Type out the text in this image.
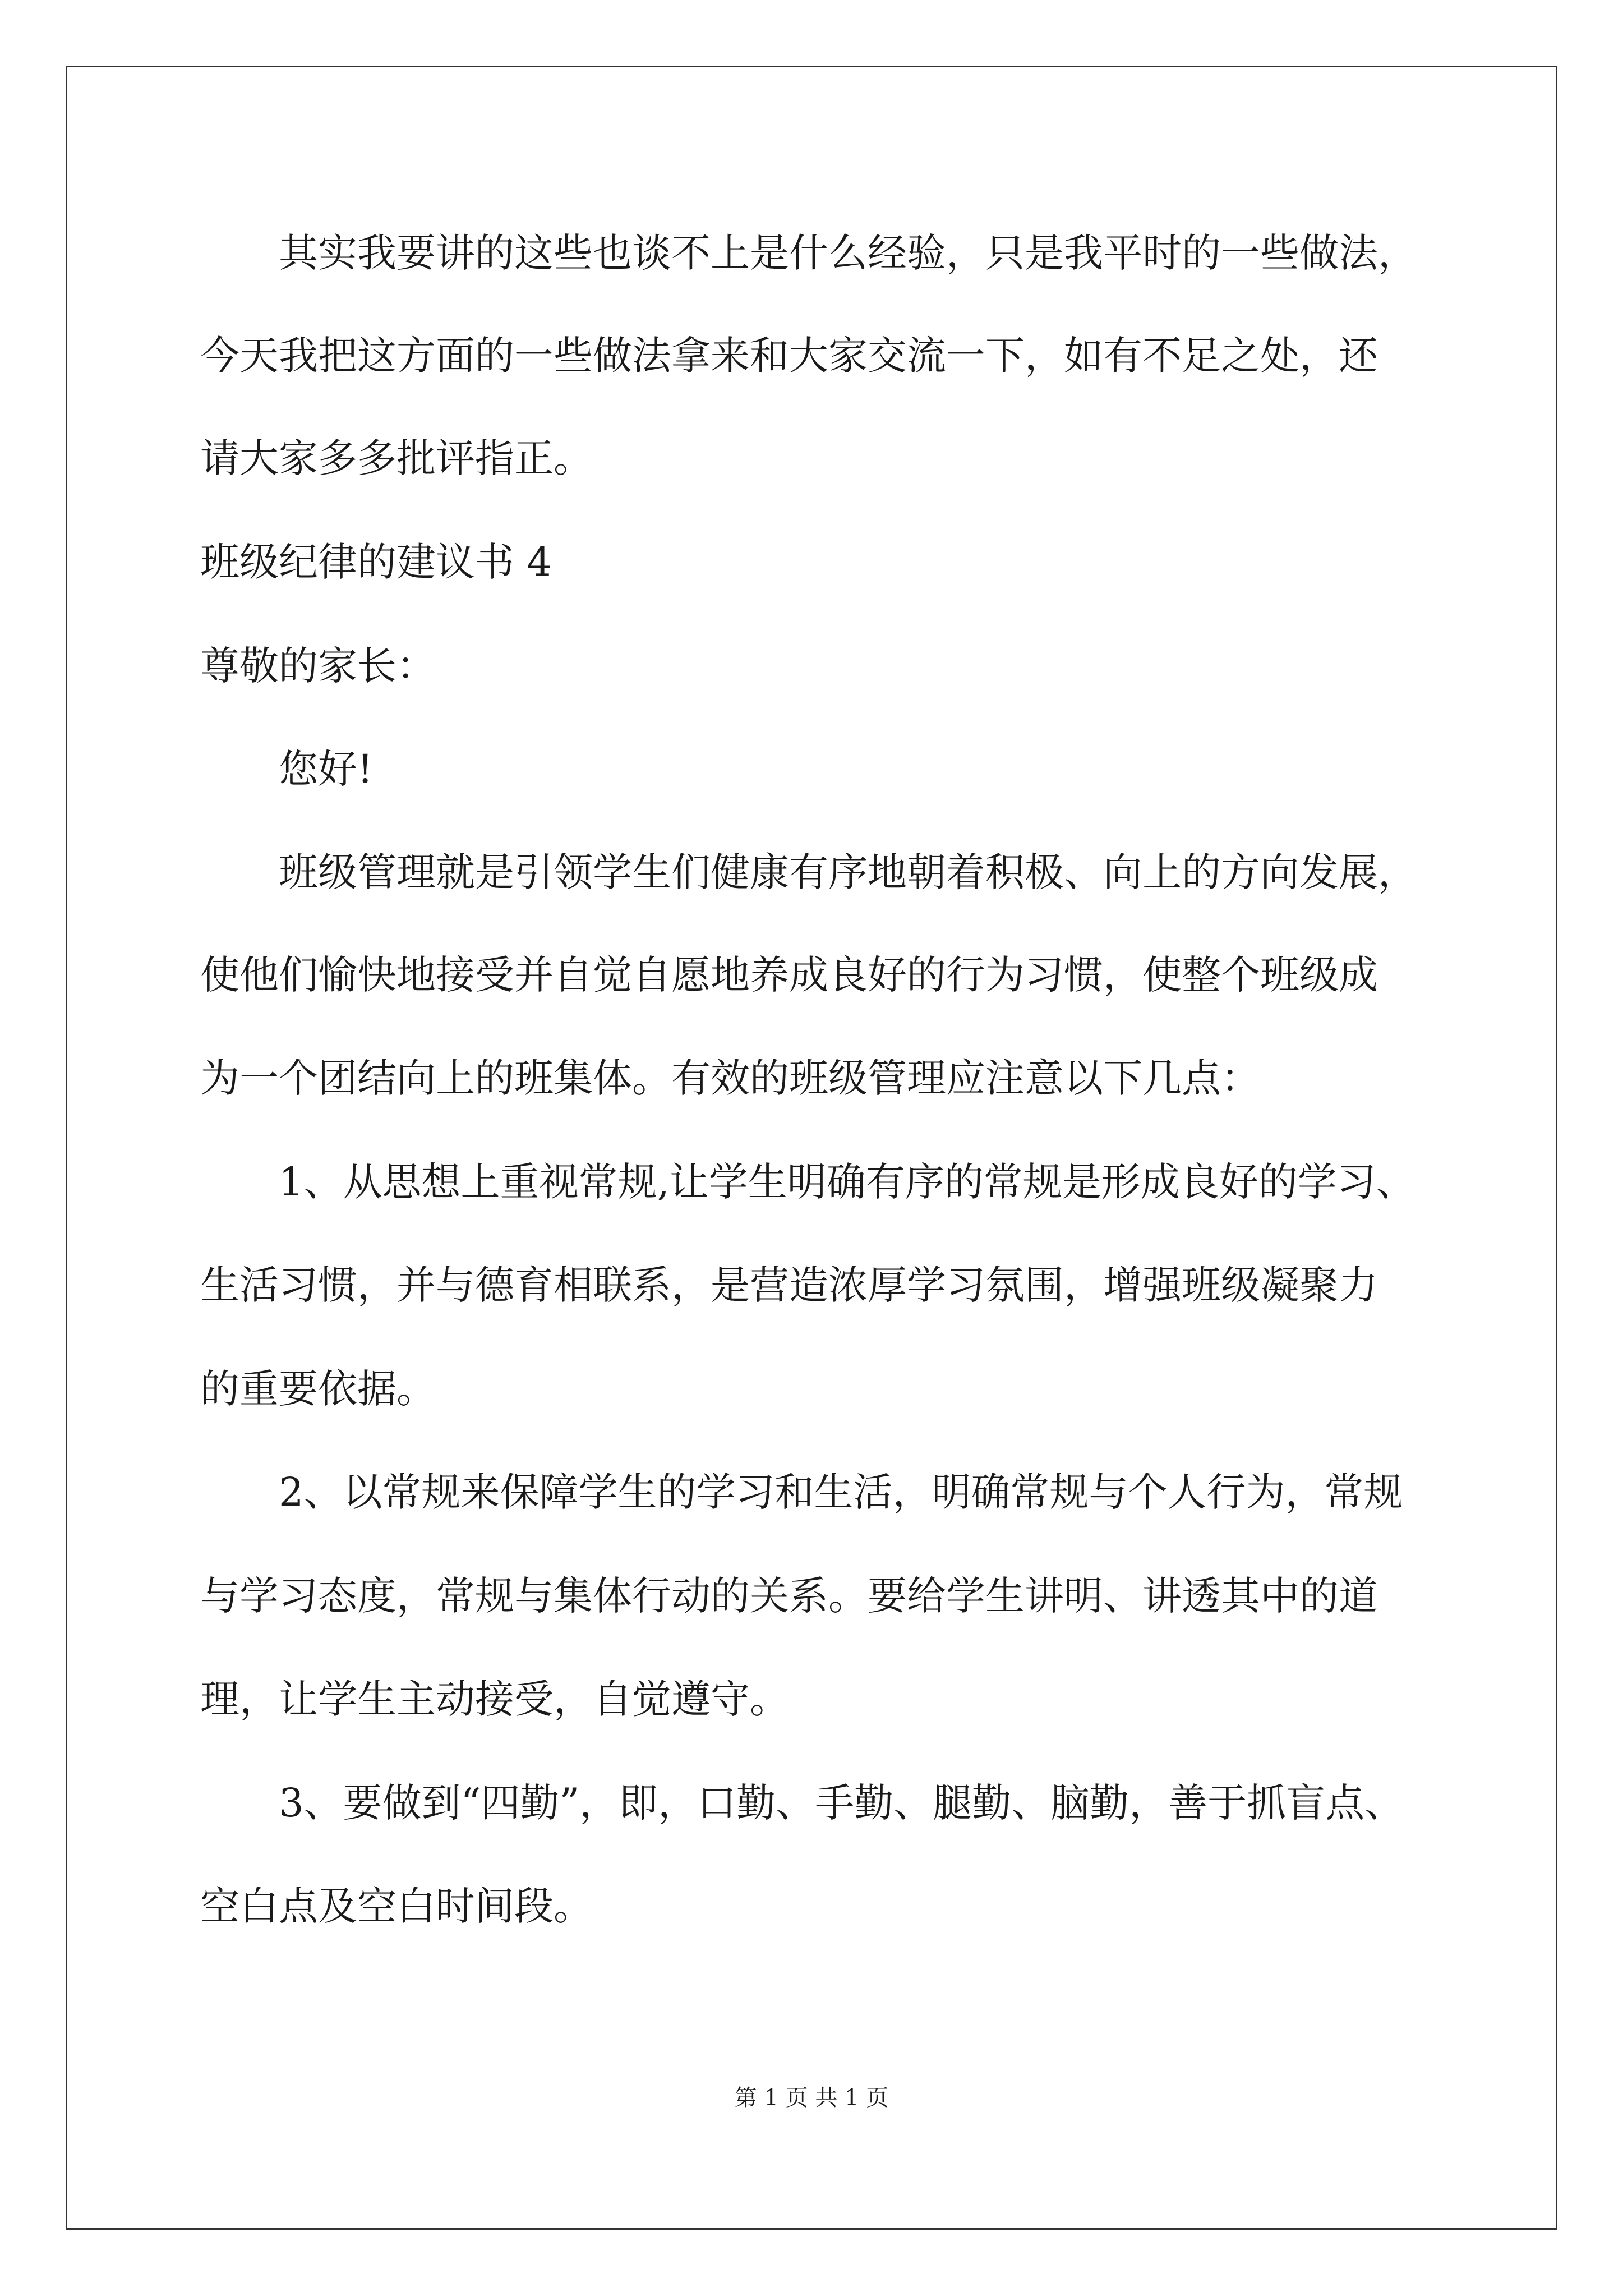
其实我要讲的这些也谈不上是什么经验，只是我平时的一些做法，
今天我把这方面的一些做法拿来和大家交流一下，如有不足之处，还
请大家多多批评指正。
班级纪律的建议书 4
尊敬的家长：
您好!
班级管理就是引领学生们健康有序地朝着积极、向上的方向发展，
使他们愉快地接受并自觉自愿地养成良好的行为习惯，使整个班级成
为一个团结向上的班集体。有效的班级管理应注意以下几点：
1、从思想上重视常规,让学生明确有序的常规是形成良好的学习、
生活习惯，并与德育相联系，是营造浓厚学习氛围，增强班级凝聚力
的重要依据。
2、以常规来保障学生的学习和生活，明确常规与个人行为，常规
与学习态度，常规与集体行动的关系。要给学生讲明、讲透其中的道
理，让学生主动接受，自觉遵守。
3、要做到“四勤”，即，口勤、手勤、腿勤、脑勤，善于抓盲点、
空白点及空白时间段。
第 1 页 共 1 页
